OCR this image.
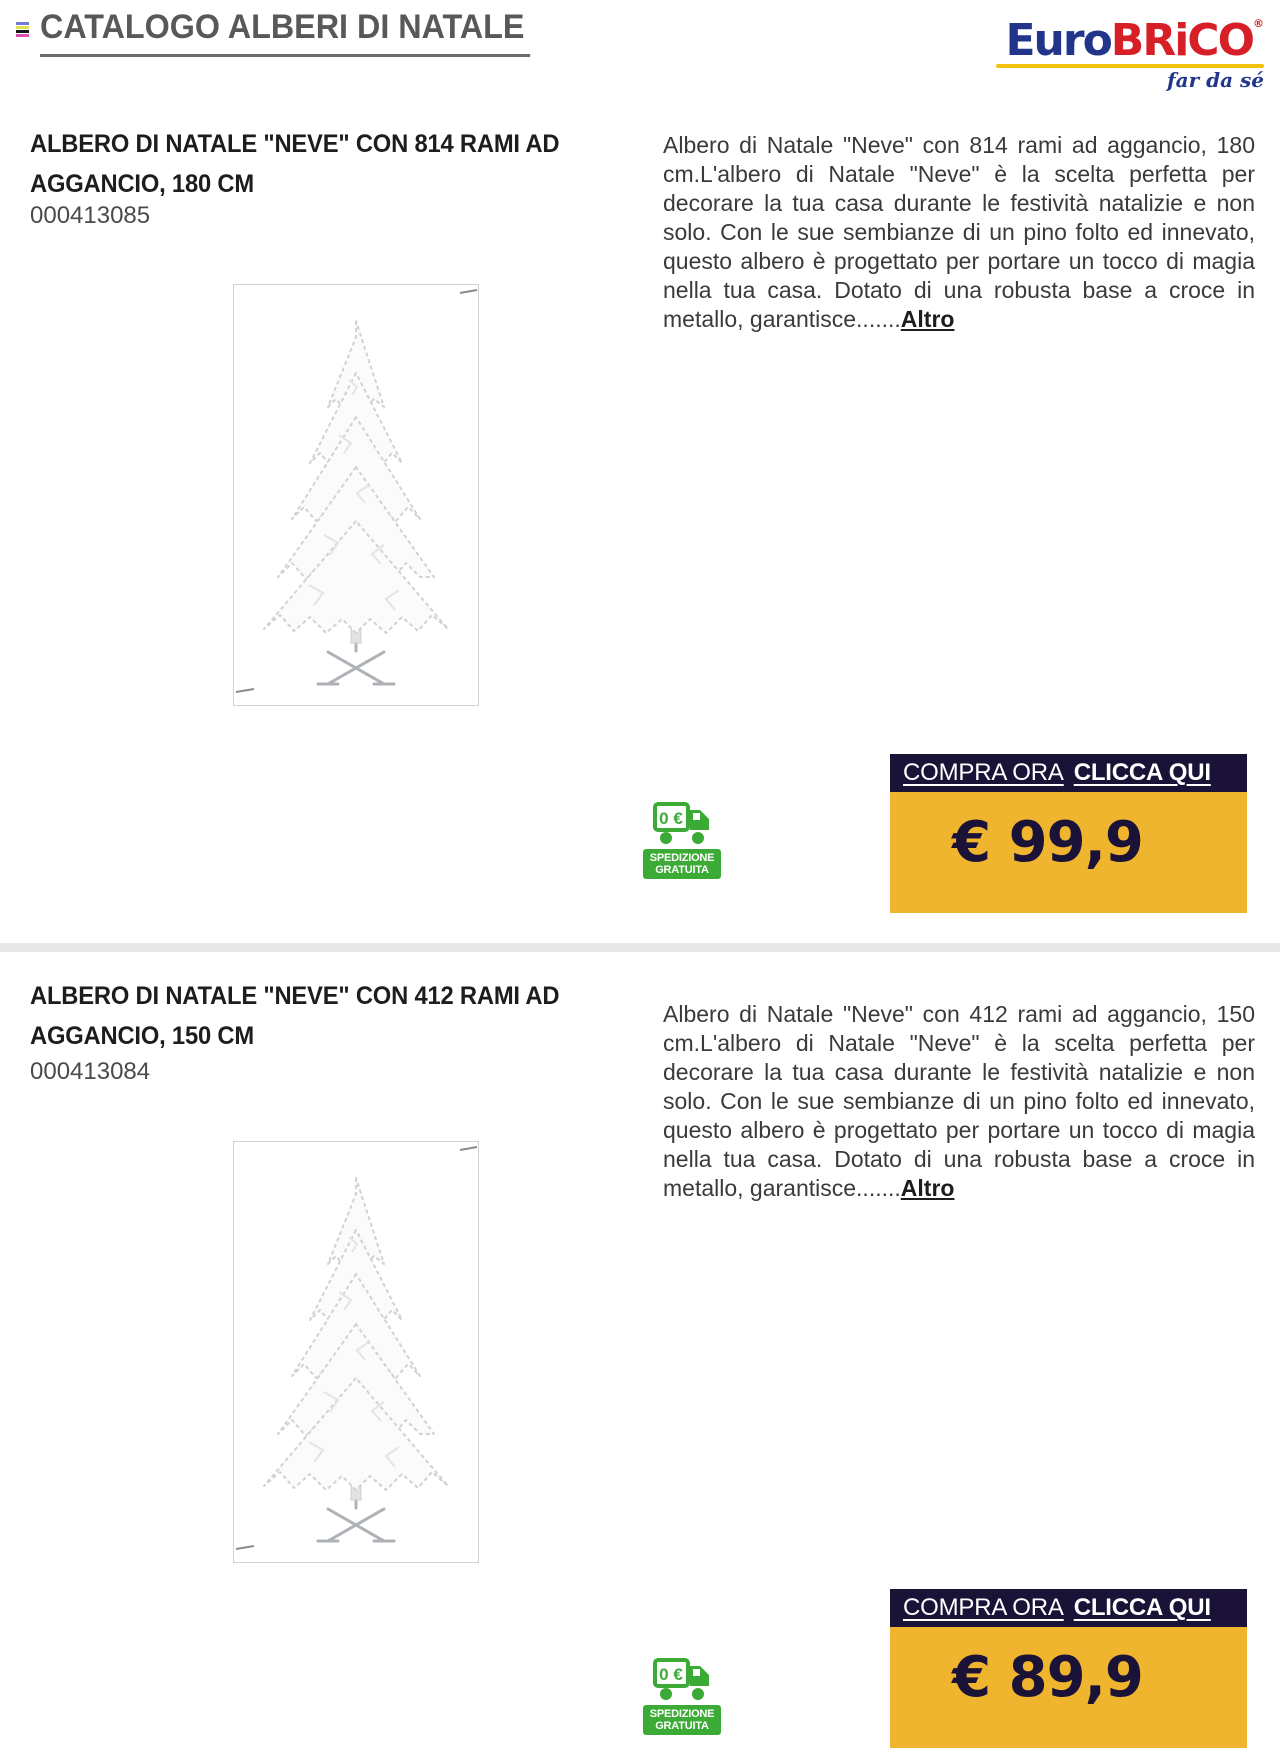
CATALOGO ALBERI DI NATALE	EuroBRiCO®
far da sé
ALBERO DI NATALE "NEVE" CON 814 RAMI AD AGGANCIO, 180 CM
000413085

Albero di Natale "Neve" con 814 rami ad aggancio, 180 cm.L'albero di Natale "Neve" è la scelta perfetta per decorare la tua casa durante le festività natalizie e non solo. Con le sue sembianze di un pino folto ed innevato, questo albero è progettato per portare un tocco di magia nella tua casa. Dotato di una robusta base a croce in metallo, garantisce.......Altro

0 €
SPEDIZIONE
GRATUITA
COMPRA ORA CLICCA QUI
€ 99,9
ALBERO DI NATALE "NEVE" CON 412 RAMI AD AGGANCIO, 150 CM
000413084

Albero di Natale "Neve" con 412 rami ad aggancio, 150 cm.L'albero di Natale "Neve" è la scelta perfetta per decorare la tua casa durante le festività natalizie e non solo. Con le sue sembianze di un pino folto ed innevato, questo albero è progettato per portare un tocco di magia nella tua casa. Dotato di una robusta base a croce in metallo, garantisce.......Altro

0 €
SPEDIZIONE
GRATUITA
COMPRA ORA CLICCA QUI
€ 89,9
